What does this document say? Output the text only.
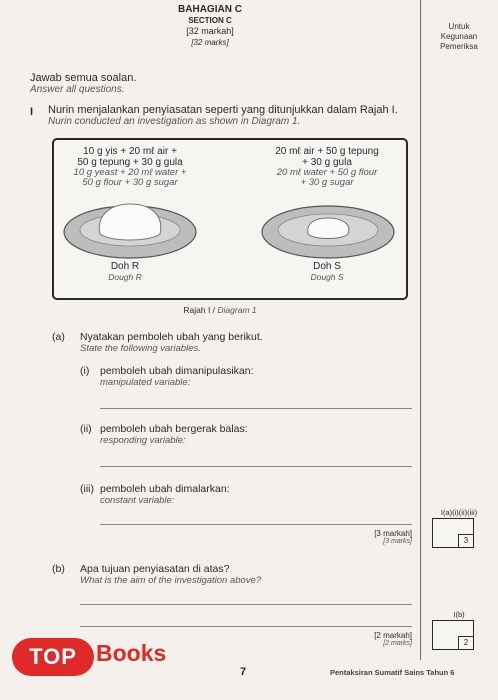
BAHAGIAN C
SECTION C
[32 markah]
[32 marks]
Untuk
Kegunaan
Pemeriksa
Jawab semua soalan.
Answer all questions.
I Nurin menjalankan penyiasatan seperti yang ditunjukkan dalam Rajah I.
Nurin conducted an investigation as shown in Diagram 1.
10 g yis + 20 mℓ air +
50 g tepung + 30 g gula
10 g yeast + 20 mℓ water +
50 g flour + 30 g sugar
20 mℓ air + 50 g tepung
+ 30 g gula
20 mℓ water + 50 g flour
+ 30 g sugar
Doh R
Dough R
Doh S
Dough S
Rajah I / Diagram 1
(a) Nyatakan pemboleh ubah yang berikut.
State the following variables.
(i) pemboleh ubah dimanipulasikan:
manipulated variable:
(ii) pemboleh ubah bergerak balas:
responding variable:
(iii) pemboleh ubah dimalarkan:
constant variable:
[3 markah]
[3 marks]
I(a)(i)(ii)(iii)
3
(b) Apa tujuan penyiasatan di atas?
What is the aim of the investigation above?
[2 markah]
[2 marks]
I(b)
2
TOP Books
7	Pentaksiran Sumatif Sains Tahun 6
